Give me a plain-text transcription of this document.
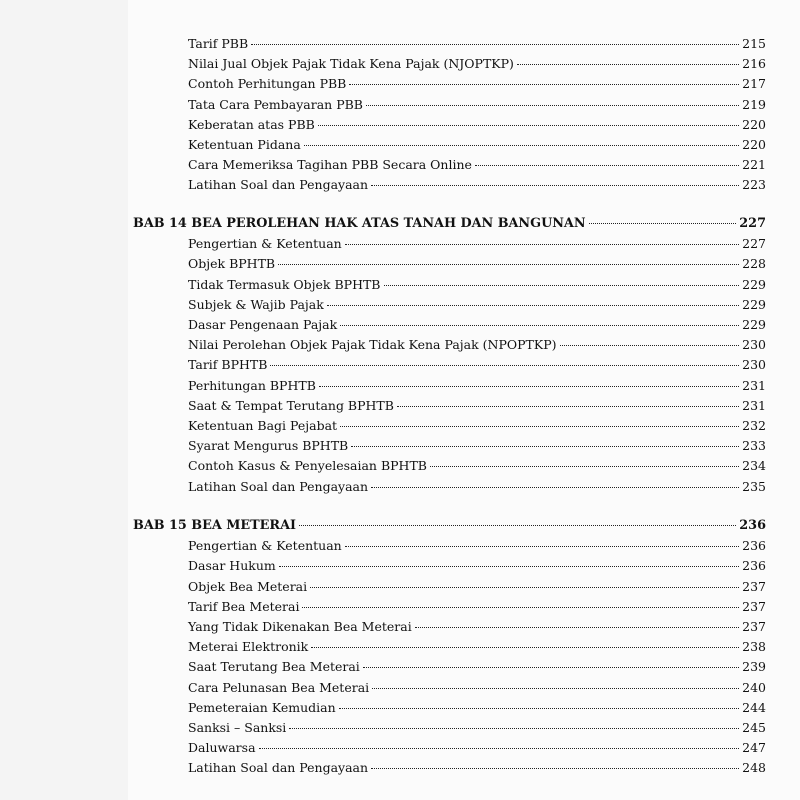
Tarif PBB	215
Nilai Jual Objek Pajak Tidak Kena Pajak (NJOPTKP)	216
Contoh Perhitungan PBB	217
Tata Cara Pembayaran PBB	219
Keberatan atas PBB	220
Ketentuan Pidana	220
Cara Memeriksa Tagihan PBB Secara Online	221
Latihan Soal dan Pengayaan	223
BAB 14 BEA PEROLEHAN HAK ATAS TANAH DAN BANGUNAN	227
Pengertian & Ketentuan	227
Objek BPHTB	228
Tidak Termasuk Objek BPHTB	229
Subjek & Wajib Pajak	229
Dasar Pengenaan Pajak	229
Nilai Perolehan Objek Pajak Tidak Kena Pajak (NPOPTKP)	230
Tarif BPHTB	230
Perhitungan BPHTB	231
Saat & Tempat Terutang BPHTB	231
Ketentuan Bagi Pejabat	232
Syarat Mengurus BPHTB	233
Contoh Kasus & Penyelesaian BPHTB	234
Latihan Soal dan Pengayaan	235
BAB 15 BEA METERAI	236
Pengertian & Ketentuan	236
Dasar Hukum	236
Objek Bea Meterai	237
Tarif Bea Meterai	237
Yang Tidak Dikenakan Bea Meterai	237
Meterai Elektronik	238
Saat Terutang Bea Meterai	239
Cara Pelunasan Bea Meterai	240
Pemeteraian Kemudian	244
Sanksi – Sanksi	245
Daluwarsa	247
Latihan Soal dan Pengayaan	248
